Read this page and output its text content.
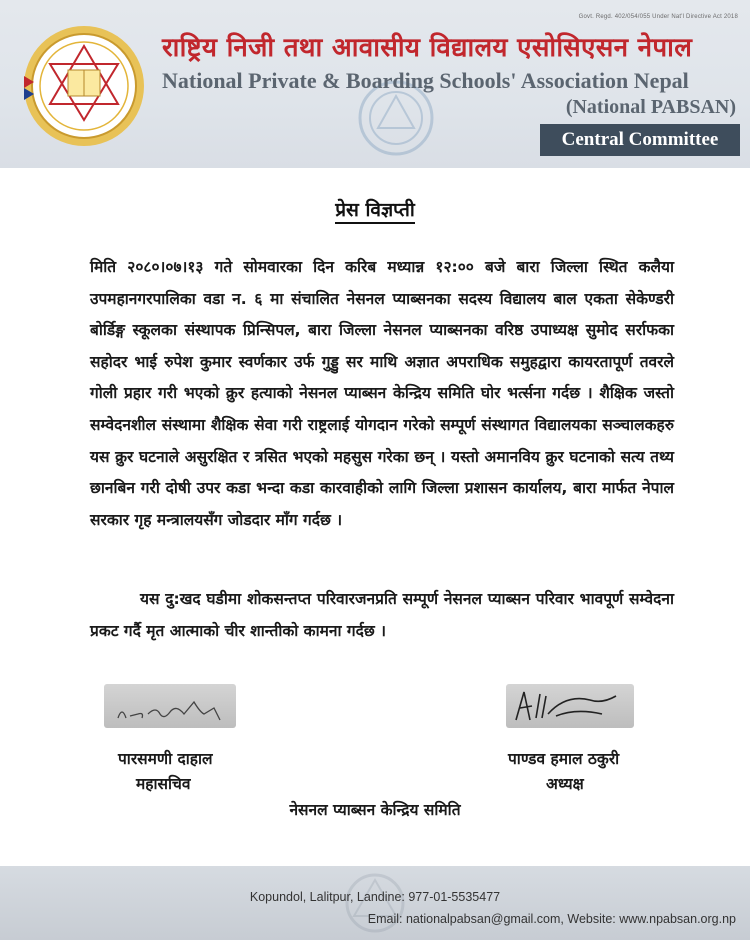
Govt. Regd. 402/054/055 Under Nat'l Directive Act 2018
राष्ट्रिय निजी तथा आवासीय विद्यालय एसोसिएसन नेपाल
National Private & Boarding Schools' Association Nepal
(National PABSAN)
Central Committee
प्रेस विज्ञप्ती
मिति २०८०।०७।१३ गते सोमवारका दिन करिब मध्यान्न १२:०० बजे बारा जिल्ला स्थित कलैया उपमहानगरपालिका वडा न. ६ मा संचालित नेसनल प्याब्सनका सदस्य विद्यालय बाल एकता सेकेण्डरी बोर्डिङ्ग स्कूलका संस्थापक प्रिन्सिपल, बारा जिल्ला नेसनल प्याब्सनका वरिष्ठ उपाध्यक्ष सुमोद सर्राफका सहोदर भाई रुपेश कुमार स्वर्णकार उर्फ गुड्डु सर माथि अज्ञात अपराधिक समुहद्वारा कायरतापूर्ण तवरले गोली प्रहार गरी भएको क्रुर हत्याको नेसनल प्याब्सन केन्द्रिय समिति घोर भर्त्सना गर्दछ । शैक्षिक जस्तो सम्वेदनशील संस्थामा शैक्षिक सेवा गरी राष्ट्रलाई योगदान गरेको सम्पूर्ण संस्थागत विद्यालयका सञ्चालकहरु यस क्रुर घटनाले असुरक्षित र त्रसित भएको महसुस गरेका छन् । यस्तो अमानविय क्रुर घटनाको सत्य तथ्य छानबिन गरी दोषी उपर कडा भन्दा कडा कारवाहीको लागि जिल्ला प्रशासन कार्यालय, बारा मार्फत नेपाल सरकार गृह मन्त्रालयसँग जोडदार माँग गर्दछ ।
यस दु:खद घडीमा शोकसन्तप्त परिवारजनप्रति सम्पूर्ण नेसनल प्याब्सन परिवार भावपूर्ण सम्वेदना प्रकट गर्दै मृत आत्माको चीर शान्तीको कामना गर्दछ ।
पारसमणी दाहाल
महासचिव
पाण्डव हमाल ठकुरी
अध्यक्ष
नेसनल प्याब्सन केन्द्रिय समिति
Kopundol, Lalitpur, Landine: 977-01-5535477
Email: nationalpabsan@gmail.com, Website: www.npabsan.org.np
